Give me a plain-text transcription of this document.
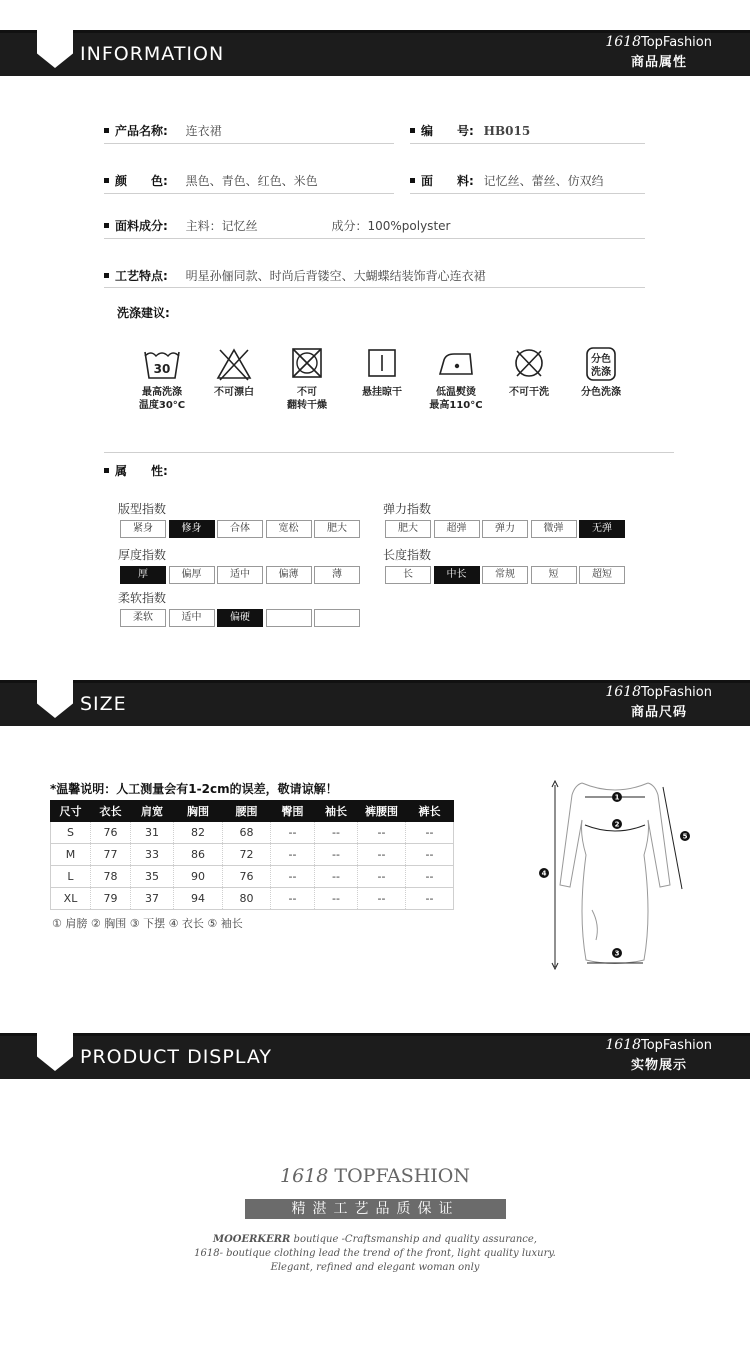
INFORMATION
1618TopFashion
商品属性
产品名称: 连衣裙	编　　号: HB015
颜　　色: 黑色、青色、红色、米色	面　　料: 记忆丝、蕾丝、仿双绉
面料成分: 主料：记忆丝	成分：100%polyster
工艺特点: 明星孙俪同款、时尚后背镂空、大蝴蝶结装饰背心连衣裙
洗涤建议:
30
最高洗涤
温度30°C
不可漂白	不可
翻转干燥
悬挂晾干	低温熨烫
最高110°C
不可干洗
分色
洗涤
分色洗涤
属　　性:
版型指数
紧身	修身	合体	宽松	肥大
弹力指数
肥大	超弹	弹力	微弹	无弹
厚度指数
厚	偏厚	适中	偏薄	薄
长度指数
长	中长	常规	短	超短
柔软指数
柔软	适中	偏硬
SIZE
1618TopFashion
商品尺码
*温馨说明：人工测量会有1-2cm的误差，敬请谅解！
尺寸	衣长	肩宽	胸围	腰围	臀围	袖长	裤腰围	裤长
S	76	31	82	68	--	--	--	--
M	77	33	86	72	--	--	--	--
L	78	35	90	76	--	--	--	--
XL	79	37	94	80	--	--	--	--
① 肩膀 ② 胸围 ③ 下摆 ④ 衣长 ⑤ 袖长
1
2
3
4
5
PRODUCT DISPLAY
1618TopFashion
实物展示
1618 TOPFASHION
精湛工艺品质保证
MOOERKERR boutique -Craftsmanship and quality assurance,
1618- boutique clothing lead the trend of the front, light quality luxury.
Elegant, refined and elegant woman only
